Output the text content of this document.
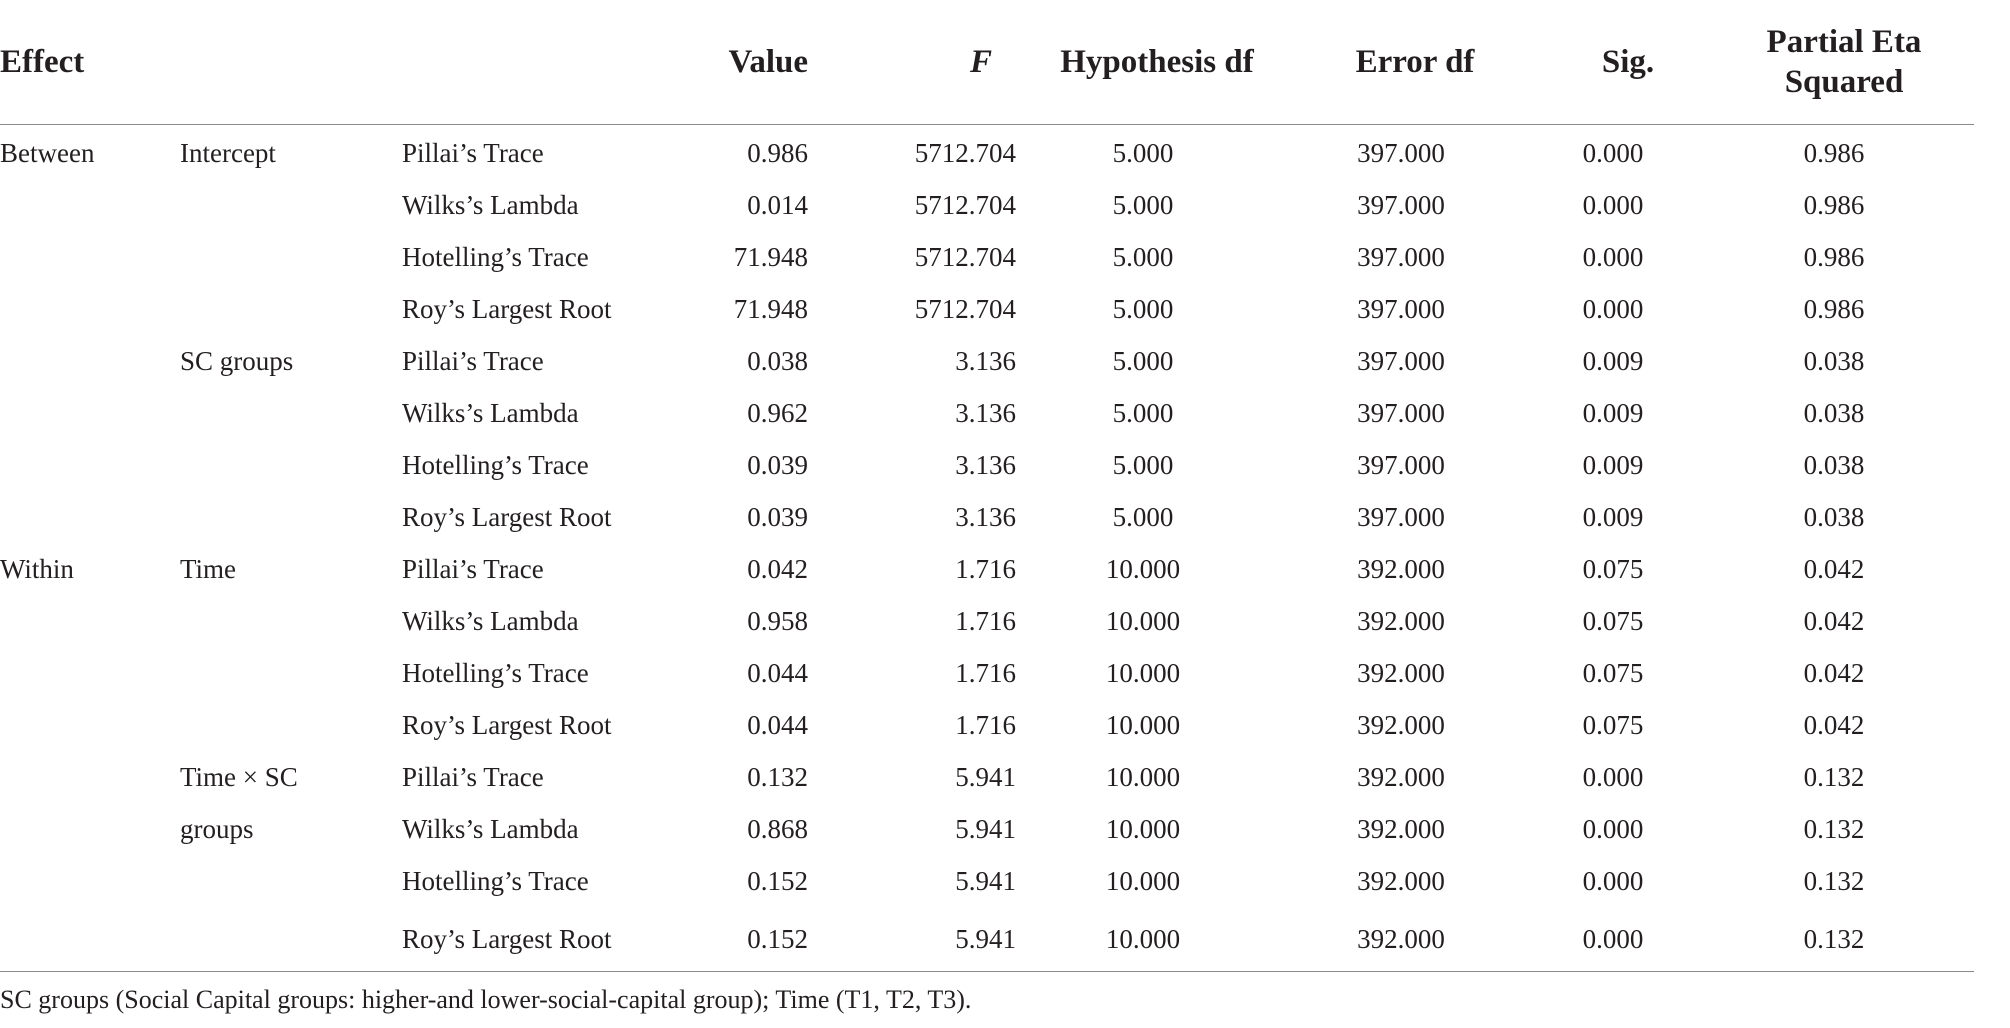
Effect			Value	F	Hypothesis df	Error df	Sig.	Partial Eta
Squared

Between	Intercept	Pillai’s Trace	0.986	5712.704	5.000	397.000	0.000	0.986
		Wilks’s Lambda	0.014	5712.704	5.000	397.000	0.000	0.986
		Hotelling’s Trace	71.948	5712.704	5.000	397.000	0.000	0.986
		Roy’s Largest Root	71.948	5712.704	5.000	397.000	0.000	0.986
	SC groups	Pillai’s Trace	0.038	3.136	5.000	397.000	0.009	0.038
		Wilks’s Lambda	0.962	3.136	5.000	397.000	0.009	0.038
		Hotelling’s Trace	0.039	3.136	5.000	397.000	0.009	0.038
		Roy’s Largest Root	0.039	3.136	5.000	397.000	0.009	0.038
Within	Time	Pillai’s Trace	0.042	1.716	10.000	392.000	0.075	0.042
		Wilks’s Lambda	0.958	1.716	10.000	392.000	0.075	0.042
		Hotelling’s Trace	0.044	1.716	10.000	392.000	0.075	0.042
		Roy’s Largest Root	0.044	1.716	10.000	392.000	0.075	0.042
	Time × SC	Pillai’s Trace	0.132	5.941	10.000	392.000	0.000	0.132
	groups	Wilks’s Lambda	0.868	5.941	10.000	392.000	0.000	0.132
		Hotelling’s Trace	0.152	5.941	10.000	392.000	0.000	0.132
		Roy’s Largest Root	0.152	5.941	10.000	392.000	0.000	0.132
SC groups (Social Capital groups: higher-and lower-social-capital group); Time (T1, T2, T3).
